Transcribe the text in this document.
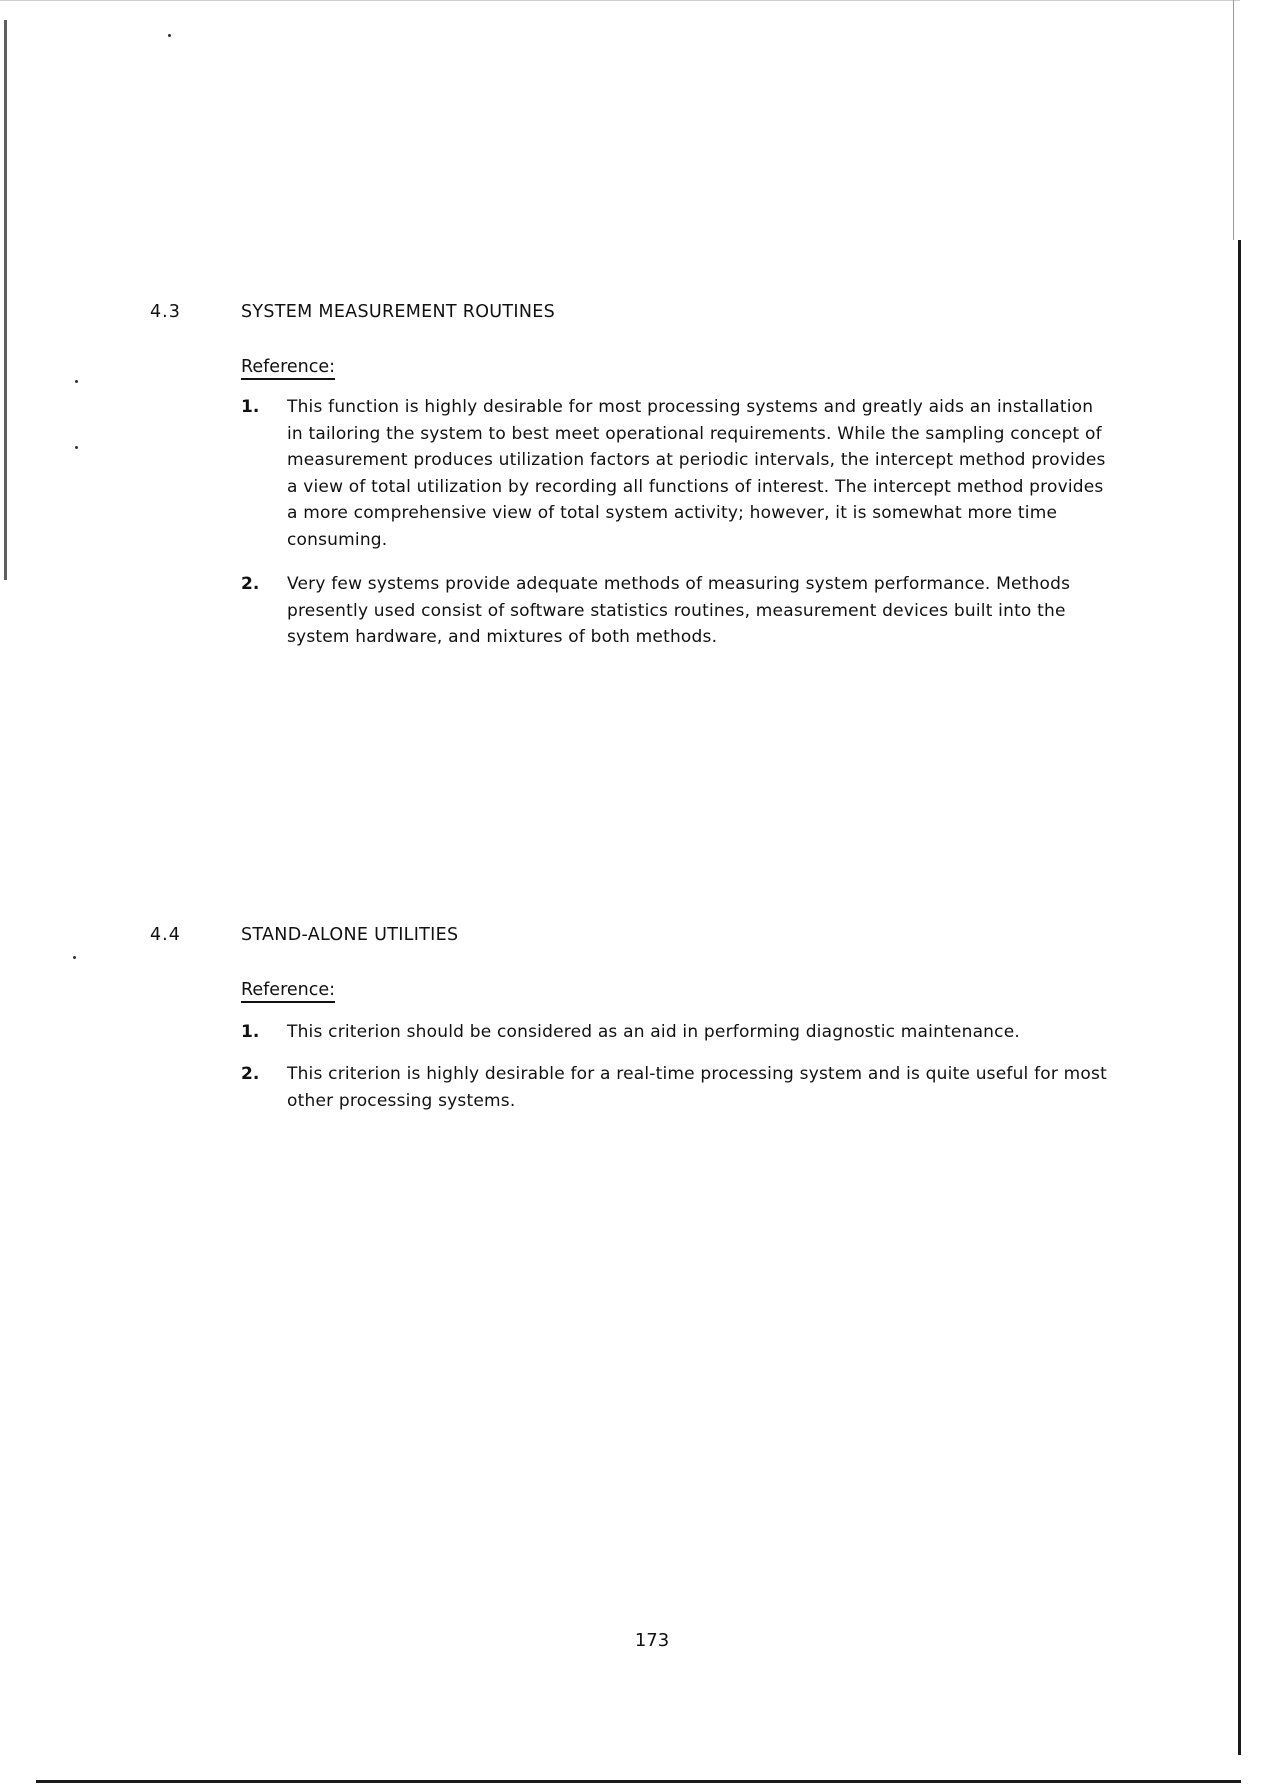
4.3	SYSTEM MEASUREMENT ROUTINES
Reference:
1. This function is highly desirable for most processing systems and greatly aids an installation in tailoring the system to best meet operational requirements. While the sampling concept of measurement produces utilization factors at periodic intervals, the intercept method provides a view of total utilization by recording all functions of interest. The intercept method provides a more comprehensive view of total system activity; however, it is somewhat more time consuming.
2. Very few systems provide adequate methods of measuring system performance. Methods presently used consist of software statistics routines, measurement devices built into the system hardware, and mixtures of both methods.
4.4	STAND-ALONE UTILITIES
Reference:
1. This criterion should be considered as an aid in performing diagnostic maintenance.
2. This criterion is highly desirable for a real-time processing system and is quite useful for most other processing systems.
173
